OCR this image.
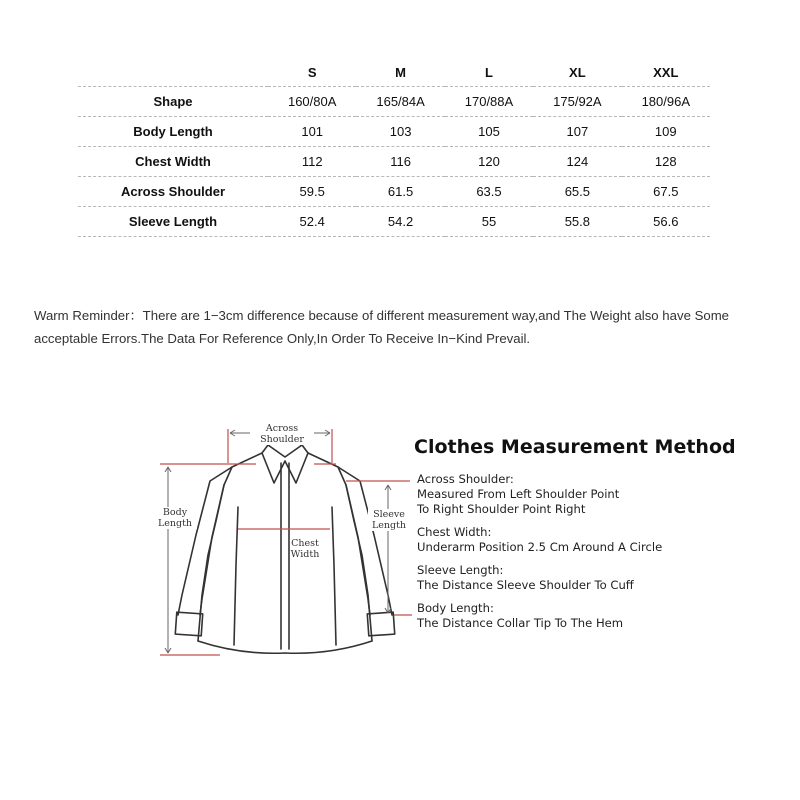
	S	M	L	XL	XXL
Shape	160/80A	165/84A	170/88A	175/92A	180/96A
Body Length	101	103	105	107	109
Chest Width	112	116	120	124	128
Across Shoulder	59.5	61.5	63.5	65.5	67.5
Sleeve Length	52.4	54.2	55	55.8	56.6

Warm Reminder：There are 1−3cm difference because of different measurement way,and The Weight also have Some acceptable Errors.The Data For Reference Only,In Order To Receive In−Kind Prevail.

Across
Shoulder
Body
Length
Chest
Width
Sleeve
Length
Clothes Measurement Method
Across Shoulder:
Measured From Left Shoulder Point
To Right Shoulder Point Right
Chest Width:
Underarm Position 2.5 Cm Around A Circle
Sleeve Length:
The Distance Sleeve Shoulder To Cuff
Body Length:
The Distance Collar Tip To The Hem
